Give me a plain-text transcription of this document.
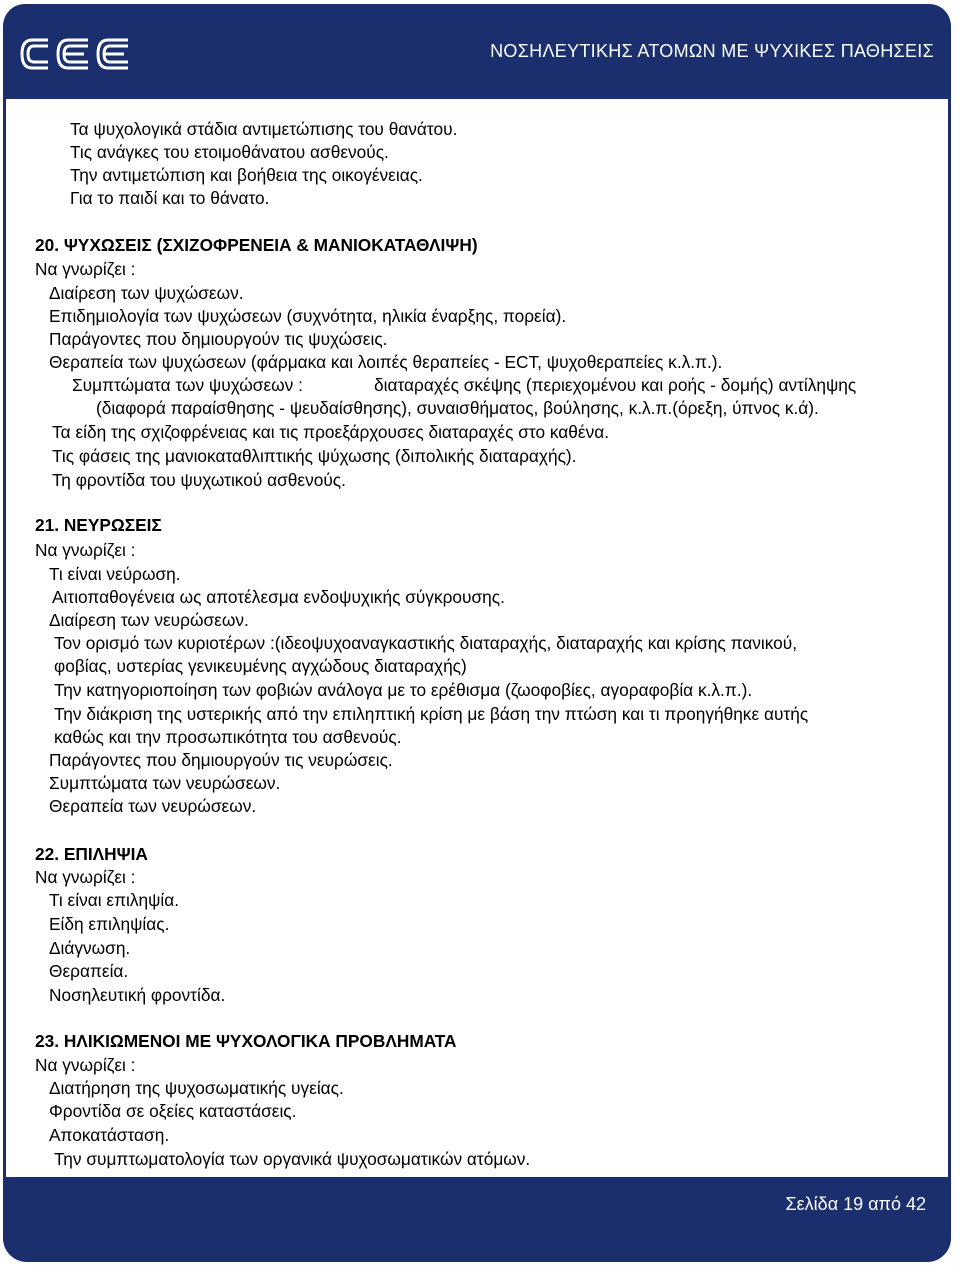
ΝΟΣΗΛΕΥΤΙΚΗΣ ΑΤΟΜΩΝ ΜΕ ΨΥΧΙΚΕΣ ΠΑΘΗΣΕΙΣ
Σελίδα 19 από 42
Τα ψυχολογικά στάδια αντιμετώπισης του θανάτου.
Τις ανάγκες του ετοιμοθάνατου ασθενούς.
Την αντιμετώπιση και βοήθεια της οικογένειας.
Για το παιδί και το θάνατο.
20. ΨΥΧΩΣΕΙΣ (ΣΧΙΖΟΦΡΕΝΕΙΑ & ΜΑΝΙΟΚΑΤΑΘΛΙΨΗ)
Να γνωρίζει :
Διαίρεση των ψυχώσεων.
Επιδημιολογία των ψυχώσεων (συχνότητα, ηλικία έναρξης, πορεία).
Παράγοντες που δημιουργούν τις ψυχώσεις.
Θεραπεία των ψυχώσεων (φάρμακα και λοιπές θεραπείες - ECT, ψυχοθεραπείες κ.λ.π.).
Συμπτώματα των ψυχώσεων :	διαταραχές σκέψης (περιεχομένου και ροής - δομής) αντίληψης
(διαφορά παραίσθησης - ψευδαίσθησης), συναισθήματος, βούλησης, κ.λ.π.(όρεξη, ύπνος κ.ά).
Τα είδη της σχιζοφρένειας και τις προεξάρχουσες διαταραχές στο καθένα.
Τις φάσεις της μανιοκαταθλιπτικής ψύχωσης (διπολικής διαταραχής).
Τη φροντίδα του ψυχωτικού ασθενούς.
21. ΝΕΥΡΩΣΕΙΣ
Να γνωρίζει :
Τι είναι νεύρωση.
Αιτιοπαθογένεια ως αποτέλεσμα ενδοψυχικής σύγκρουσης.
Διαίρεση των νευρώσεων.
Τον ορισμό των κυριοτέρων :(ιδεοψυχοαναγκαστικής διαταραχής, διαταραχής και κρίσης πανικού,
φοβίας, υστερίας γενικευμένης αγχώδους διαταραχής)
Την κατηγοριοποίηση των φοβιών ανάλογα με το ερέθισμα (ζωοφοβίες, αγοραφοβία κ.λ.π.).
Την διάκριση της υστερικής από την επιληπτική κρίση με βάση την πτώση και τι προηγήθηκε αυτής
καθώς και την προσωπικότητα του ασθενούς.
Παράγοντες που δημιουργούν τις νευρώσεις.
Συμπτώματα των νευρώσεων.
Θεραπεία των νευρώσεων.
22. ΕΠΙΛΗΨΙΑ
Να γνωρίζει :
Τι είναι επιληψία.
Είδη επιληψίας.
Διάγνωση.
Θεραπεία.
Νοσηλευτική φροντίδα.
23. ΗΛΙΚΙΩΜΕΝΟΙ ΜΕ ΨΥΧΟΛΟΓΙΚΑ ΠΡΟΒΛΗΜΑΤΑ
Να γνωρίζει :
Διατήρηση της ψυχοσωματικής υγείας.
Φροντίδα σε οξείες καταστάσεις.
Αποκατάσταση.
Την συμπτωματολογία των οργανικά ψυχοσωματικών ατόμων.
